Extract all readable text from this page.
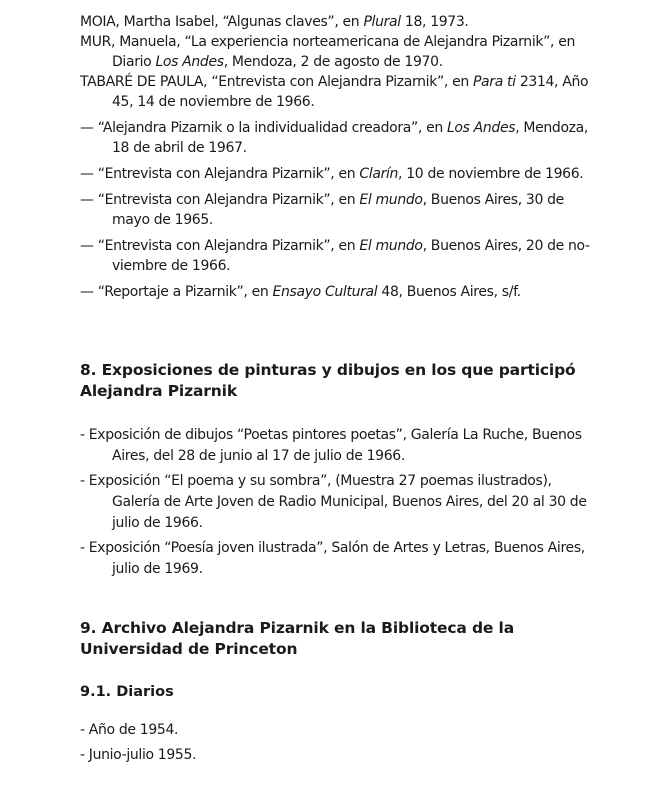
MOIA, Martha Isabel, “Algunas claves”, en Plural 18, 1973.

MUR, Manuela, “La experiencia norteamericana de Alejandra Pizarnik”, en Diario Los Andes, Mendoza, 2 de agosto de 1970.

TABARÉ DE PAULA, “Entrevista con Alejandra Pizarnik”, en Para ti 2314, Año 45, 14 de noviembre de 1966.

— “Alejandra Pizarnik o la individualidad creadora”, en Los Andes, Mendoza, 18 de abril de 1967.

— “Entrevista con Alejandra Pizarnik”, en Clarín, 10 de noviembre de 1966.

— “Entrevista con Alejandra Pizarnik”, en El mundo, Buenos Aires, 30 de mayo de 1965.

— “Entrevista con Alejandra Pizarnik”, en El mundo, Buenos Aires, 20 de no-viembre de 1966.

— “Reportaje a Pizarnik”, en Ensayo Cultural 48, Buenos Aires, s/f.

8. Exposiciones de pinturas y dibujos en los que participó Alejandra Pizarnik

- Exposición de dibujos “Poetas pintores poetas”, Galería La Ruche, Buenos Aires, del 28 de junio al 17 de julio de 1966.

- Exposición “El poema y su sombra”, (Muestra 27 poemas ilustrados), Galería de Arte Joven de Radio Municipal, Buenos Aires, del 20 al 30 de julio de 1966.

- Exposición “Poesía joven ilustrada”, Salón de Artes y Letras, Buenos Aires, julio de 1969.

9. Archivo Alejandra Pizarnik en la Biblioteca de la Universidad de Princeton
9.1. Diarios

- Año de 1954.

- Junio-julio 1955.
